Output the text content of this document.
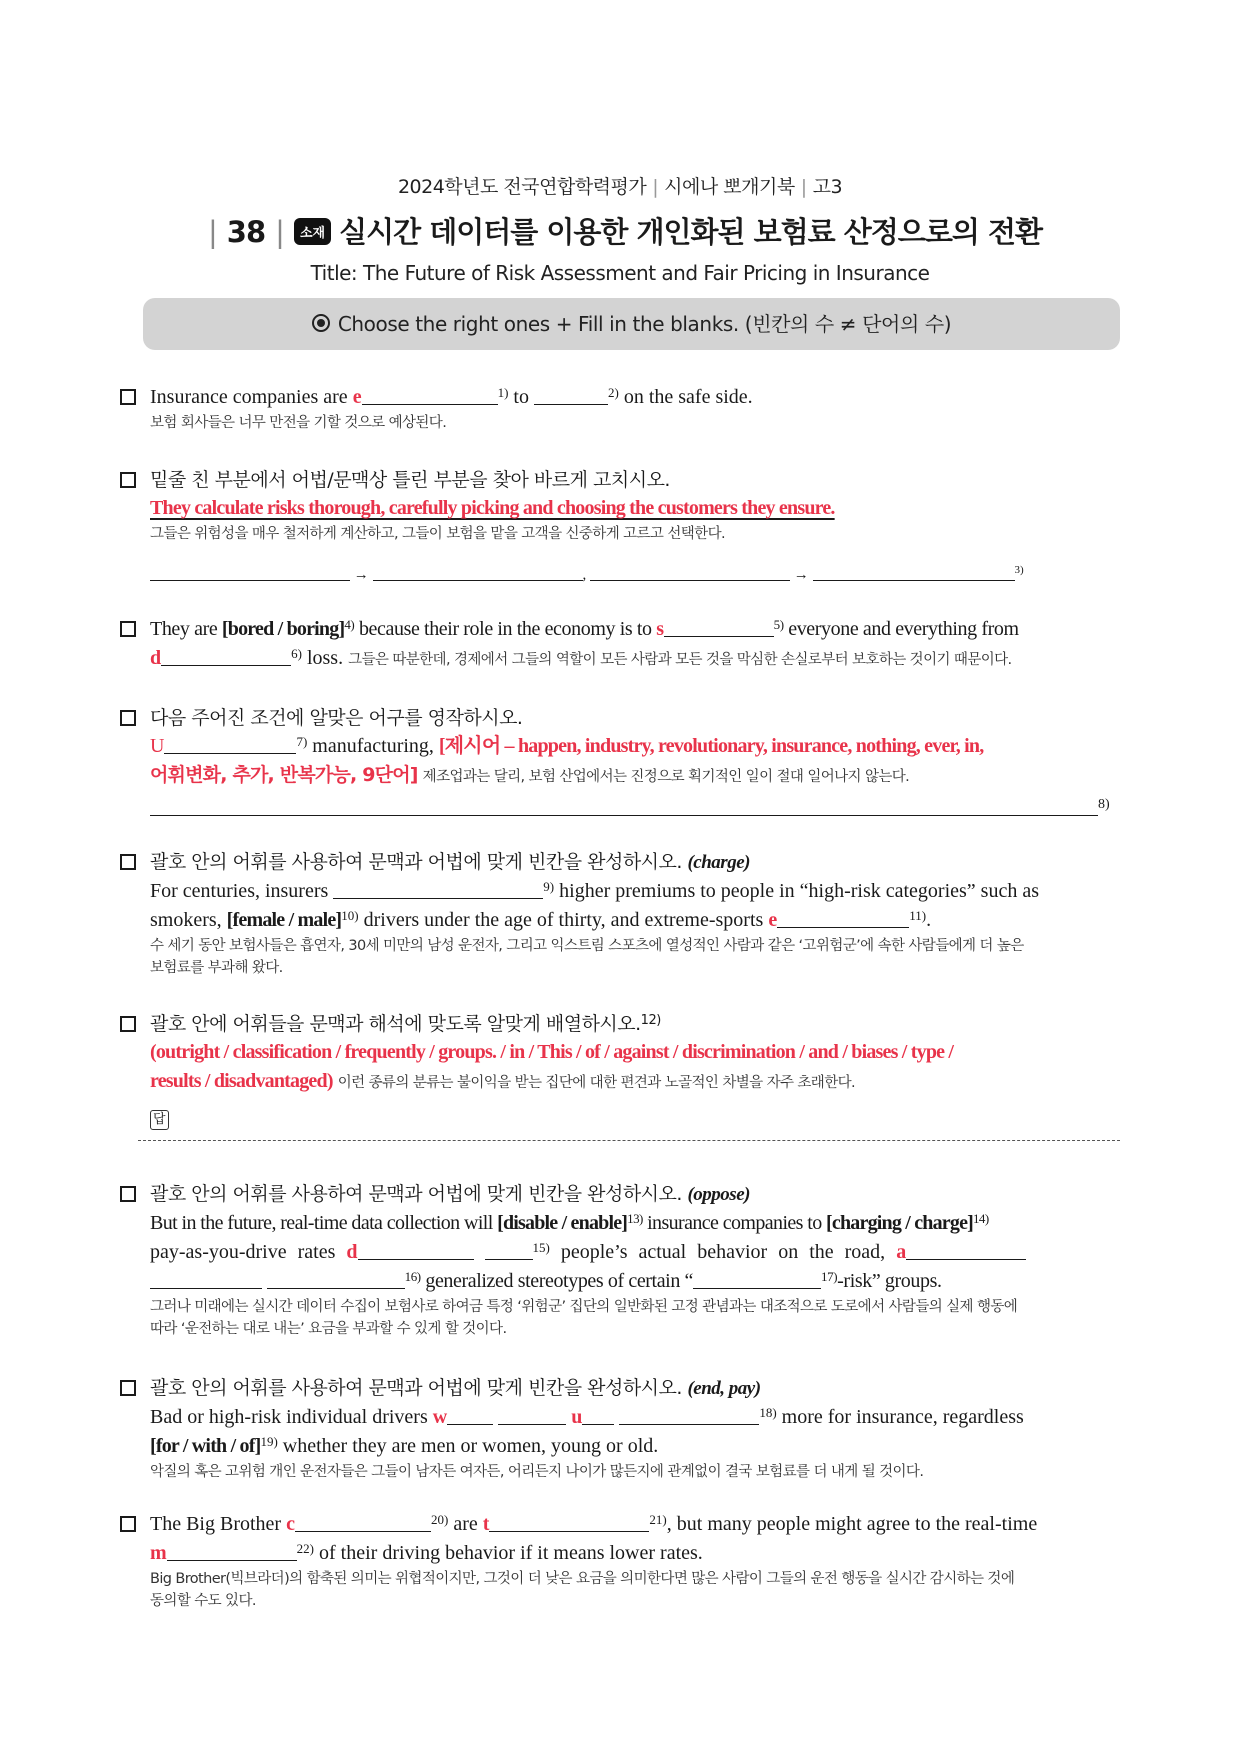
2024학년도 전국연합학력평가 | 시에나 뽀개기북 | 고3
| 38 | 소재 실시간 데이터를 이용한 개인화된 보험료 산정으로의 전환
Title: The Future of Risk Assessment and Fair Pricing in Insurance
Choose the right ones + Fill in the blanks. (빈칸의 수 ≠ 단어의 수)
Insurance companies are e	$^{1)}$ to	$^{2)}$ on the safe side.
보험 회사들은 너무 만전을 기할 것으로 예상된다.
밑줄 친 부분에서 어법/문맥상 틀린 부분을 찾아 바르게 고치시오.
They calculate risks thorough, carefully picking and choosing the customers they ensure.
그들은 위험성을 매우 철저하게 계산하고, 그들이 보험을 맡을 고객을 신중하게 고르고 선택한다.
→	,	→	$^{3)}$
They are [bored / boring]$^{4)}$ because their role in the economy is to s	$^{5)}$ everyone and everything from
d	$^{6)}$ loss. 그들은 따분한데, 경제에서 그들의 역할이 모든 사람과 모든 것을 막심한 손실로부터 보호하는 것이기 때문이다.
다음 주어진 조건에 알맞은 어구를 영작하시오.
U	$^{7)}$ manufacturing, [제시어 – happen, industry, revolutionary, insurance, nothing, ever, in,
어휘변화, 추가, 반복가능, 9단어] 제조업과는 달리, 보험 산업에서는 진정으로 획기적인 일이 절대 일어나지 않는다.
$^{8)}$
괄호 안의 어휘를 사용하여 문맥과 어법에 맞게 빈칸을 완성하시오. (charge)
For centuries, insurers	$^{9)}$ higher premiums to people in “high-risk categories” such as
smokers, [female / male]$^{10)}$ drivers under the age of thirty, and extreme-sports e	$^{11)}$.
수 세기 동안 보험사들은 흡연자, 30세 미만의 남성 운전자, 그리고 익스트림 스포츠에 열성적인 사람과 같은 ‘고위험군’에 속한 사람들에게 더 높은
보험료를 부과해 왔다.
괄호 안에 어휘들을 문맥과 해석에 맞도록 알맞게 배열하시오.$^{12)}$
(outright / classification / frequently / groups. / in / This / of / against / discrimination / and / biases / type /
results / disadvantaged) 이런 종류의 분류는 불이익을 받는 집단에 대한 편견과 노골적인 차별을 자주 초래한다.
답
괄호 안의 어휘를 사용하여 문맥과 어법에 맞게 빈칸을 완성하시오. (oppose)
But in the future, real-time data collection will [disable / enable]$^{13)}$ insurance companies to [charging / charge]$^{14)}$
pay-as-you-drive rates d	$^{15)}$ people’s actual behavior on the road, a
$^{16)}$ generalized stereotypes of certain “	$^{17)}$-risk” groups.
그러나 미래에는 실시간 데이터 수집이 보험사로 하여금 특정 ‘위험군’ 집단의 일반화된 고정 관념과는 대조적으로 도로에서 사람들의 실제 행동에
따라 ‘운전하는 대로 내는’ 요금을 부과할 수 있게 할 것이다.
괄호 안의 어휘를 사용하여 문맥과 어법에 맞게 빈칸을 완성하시오. (end, pay)
Bad or high-risk individual drivers w	u	$^{18)}$ more for insurance, regardless
[for / with / of]$^{19)}$ whether they are men or women, young or old.
악질의 혹은 고위험 개인 운전자들은 그들이 남자든 여자든, 어리든지 나이가 많든지에 관계없이 결국 보험료를 더 내게 될 것이다.
The Big Brother c	$^{20)}$ are t	$^{21)}$, but many people might agree to the real-time
m	$^{22)}$ of their driving behavior if it means lower rates.
Big Brother(빅브라더)의 함축된 의미는 위협적이지만, 그것이 더 낮은 요금을 의미한다면 많은 사람이 그들의 운전 행동을 실시간 감시하는 것에
동의할 수도 있다.
